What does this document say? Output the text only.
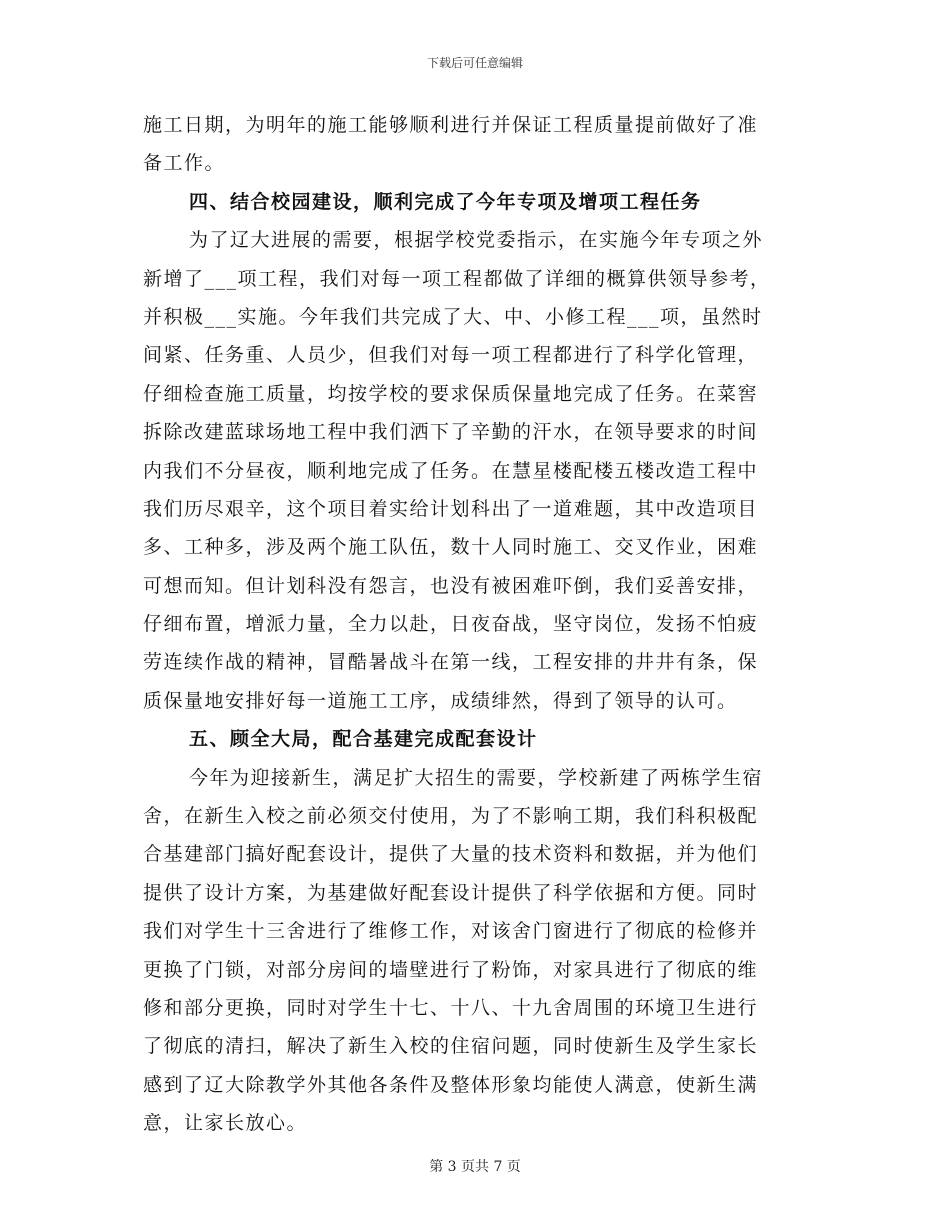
下载后可任意编辑
施工日期，为明年的施工能够顺利进行并保证工程质量提前做好了准
备工作。
四、结合校园建设，顺利完成了今年专项及增项工程任务
为了辽大进展的需要，根据学校党委指示，在实施今年专项之外
新增了___项工程，我们对每一项工程都做了详细的概算供领导参考，
并积极___实施。今年我们共完成了大、中、小修工程___项，虽然时
间紧、任务重、人员少，但我们对每一项工程都进行了科学化管理，
仔细检查施工质量，均按学校的要求保质保量地完成了任务。在菜窖
拆除改建蓝球场地工程中我们洒下了辛勤的汗水，在领导要求的时间
内我们不分昼夜，顺利地完成了任务。在慧星楼配楼五楼改造工程中
我们历尽艰辛，这个项目着实给计划科出了一道难题，其中改造项目
多、工种多，涉及两个施工队伍，数十人同时施工、交叉作业，困难
可想而知。但计划科没有怨言，也没有被困难吓倒，我们妥善安排，
仔细布置，增派力量，全力以赴，日夜奋战，坚守岗位，发扬不怕疲
劳连续作战的精神，冒酷暑战斗在第一线，工程安排的井井有条，保
质保量地安排好每一道施工工序，成绩绯然，得到了领导的认可。
五、顾全大局，配合基建完成配套设计
今年为迎接新生，满足扩大招生的需要，学校新建了两栋学生宿
舍，在新生入校之前必须交付使用，为了不影响工期，我们科积极配
合基建部门搞好配套设计，提供了大量的技术资料和数据，并为他们
提供了设计方案，为基建做好配套设计提供了科学依据和方便。同时
我们对学生十三舍进行了维修工作，对该舍门窗进行了彻底的检修并
更换了门锁，对部分房间的墙壁进行了粉饰，对家具进行了彻底的维
修和部分更换，同时对学生十七、十八、十九舍周围的环境卫生进行
了彻底的清扫，解决了新生入校的住宿问题，同时使新生及学生家长
感到了辽大除教学外其他各条件及整体形象均能使人满意，使新生满
意，让家长放心。
第 3 页共 7 页
